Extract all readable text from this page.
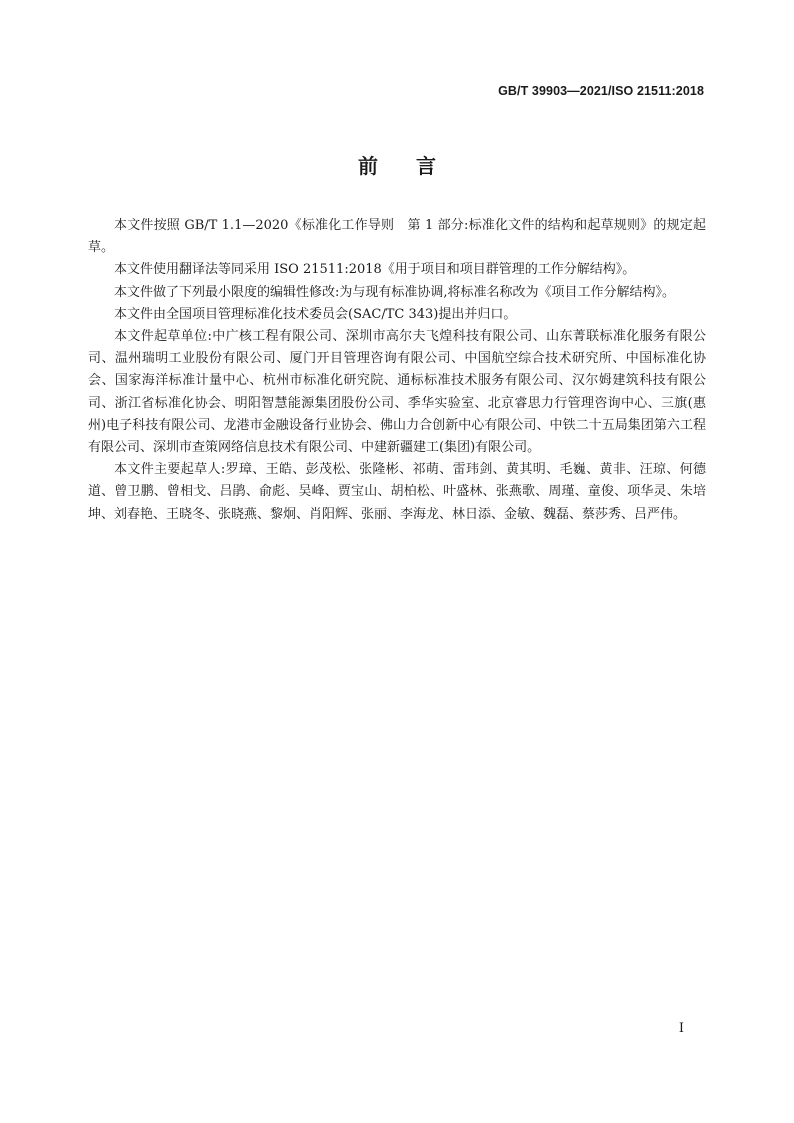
GB/T 39903—2021/ISO 21511:2018
前言

本文件按照 GB/T 1.1—2020《标准化工作导则　第 1 部分:标准化文件的结构和起草规则》的规定起草。

本文件使用翻译法等同采用 ISO 21511:2018《用于项目和项目群管理的工作分解结构》。

本文件做了下列最小限度的编辑性修改:为与现有标准协调,将标准名称改为《项目工作分解结构》。

本文件由全国项目管理标准化技术委员会(SAC/TC 343)提出并归口。

本文件起草单位:中广核工程有限公司、深圳市高尔夫飞煌科技有限公司、山东菁联标准化服务有限公司、温州瑞明工业股份有限公司、厦门开目管理咨询有限公司、中国航空综合技术研究所、中国标准化协会、国家海洋标准计量中心、杭州市标准化研究院、通标标准技术服务有限公司、汉尔姆建筑科技有限公司、浙江省标准化协会、明阳智慧能源集团股份公司、季华实验室、北京睿思力行管理咨询中心、三旗(惠州)电子科技有限公司、龙港市金融设备行业协会、佛山力合创新中心有限公司、中铁二十五局集团第六工程有限公司、深圳市查策网络信息技术有限公司、中建新疆建工(集团)有限公司。

本文件主要起草人:罗璋、王皓、彭茂松、张隆彬、祁萌、雷玮剑、黄其明、毛巍、黄非、汪琼、何德道、曾卫鹏、曾相戈、吕鹃、俞彪、吴峰、贾宝山、胡柏松、叶盛林、张燕歌、周瑾、童俊、项华灵、朱培坤、刘春艳、王晓冬、张晓燕、黎炯、肖阳辉、张丽、李海龙、林日添、金敏、魏磊、蔡莎秀、吕严伟。

I
